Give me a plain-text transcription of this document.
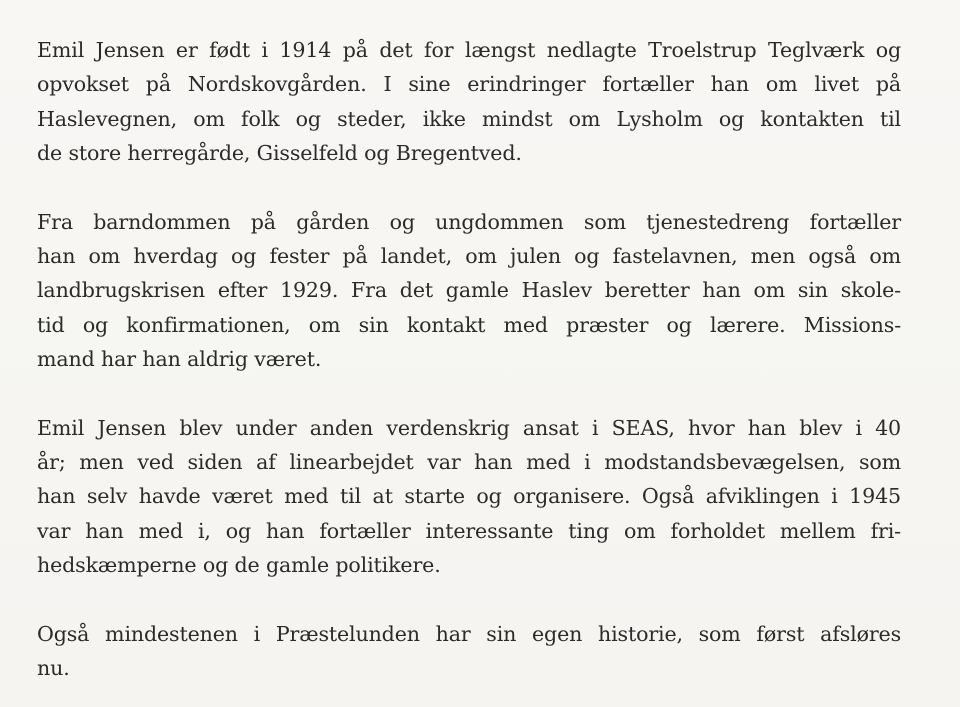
Emil Jensen er født i 1914 på det for længst nedlagte Troelstrup Teglværk og
opvokset på Nordskovgården. I sine erindringer fortæller han om livet på
Haslevegnen, om folk og steder, ikke mindst om Lysholm og kontakten til
de store herregårde, Gisselfeld og Bregentved.
Fra barndommen på gården og ungdommen som tjenestedreng fortæller
han om hverdag og fester på landet, om julen og fastelavnen, men også om
landbrugskrisen efter 1929. Fra det gamle Haslev beretter han om sin skole-
tid og konfirmationen, om sin kontakt med præster og lærere. Missions-
mand har han aldrig været.
Emil Jensen blev under anden verdenskrig ansat i SEAS, hvor han blev i 40
år; men ved siden af linearbejdet var han med i modstandsbevægelsen, som
han selv havde været med til at starte og organisere. Også afviklingen i 1945
var han med i, og han fortæller interessante ting om forholdet mellem fri-
hedskæmperne og de gamle politikere.
Også mindestenen i Præstelunden har sin egen historie, som først afsløres
nu.
